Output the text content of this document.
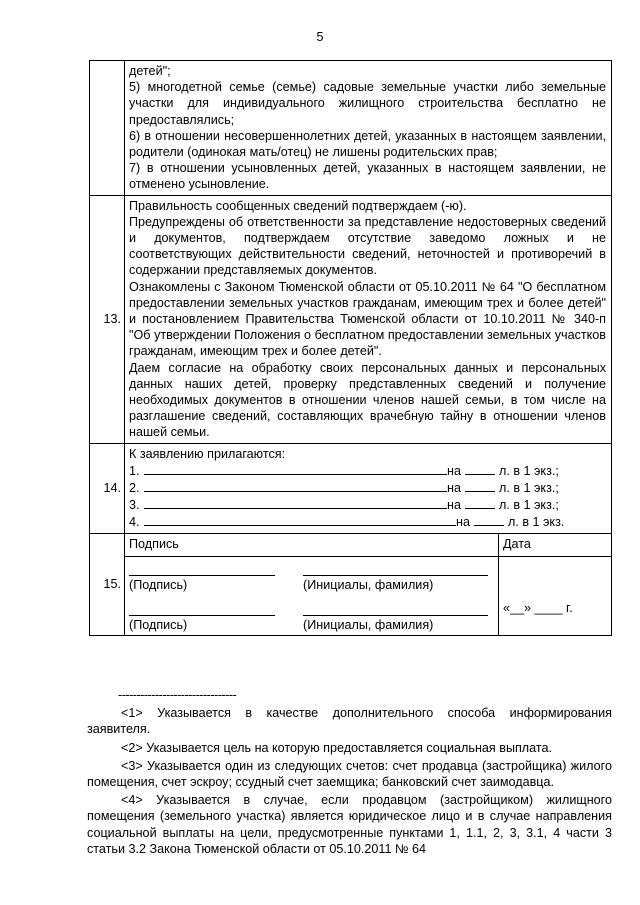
5

детей";
5) многодетной семье (семье) садовые земельные участки либо земельные участки для индивидуального жилищного строительства бесплатно не предоставлялись;
6) в отношении несовершеннолетних детей, указанных в настоящем заявлении, родители (одинокая мать/отец) не лишены родительских прав;
7) в отношении усыновленных детей, указанных в настоящем заявлении, не отменено усыновление.

13.	
Правильность сообщенных сведений подтверждаем (-ю).
Предупреждены об ответственности за представление недостоверных сведений и документов, подтверждаем отсутствие заведомо ложных и не соответствующих действительности сведений, неточностей и противоречий в содержании представляемых документов.
Ознакомлены с Законом Тюменской области от 05.10.2011 № 64 "О бесплатном предоставлении земельных участков гражданам, имеющим трех и более детей" и постановлением Правительства Тюменской области от 10.10.2011 № 340-п "Об утверждении Положения о бесплатном предоставлении земельных участков гражданам, имеющим трех и более детей".
Даем согласие на обработку своих персональных данных и персональных данных наших детей, проверку представленных сведений и получение необходимых документов в отношении членов нашей семьи, в том числе на разглашение сведений, составляющих врачебную тайну в отношении членов нашей семьи.

14.	
К заявлению прилагаются:
1.	на	л. в 1 экз.;
2.	на	л. в 1 экз.;
3.	на	л. в 1 экз.;
4.	на	л. в 1 экз.

15.	
Подпись	Дата

(Подпись)	(Инициалы, фамилия)
(Подпись)	(Инициалы, фамилия)

«__» ____ г.
--------------------------------
<1> Указывается в качестве дополнительного способа информирования заявителя.
<2> Указывается цель на которую предоставляется социальная выплата.
<3> Указывается один из следующих счетов: счет продавца (застройщика) жилого помещения, счет эскроу; ссудный счет заемщика; банковский счет заимодавца.
<4> Указывается в случае, если продавцом (застройщиком) жилищного помещения (земельного участка) является юридическое лицо и в случае направления социальной выплаты на цели, предусмотренные пунктами 1, 1.1, 2, 3, 3.1, 4 части 3 статьи 3.2 Закона Тюменской области от 05.10.2011 № 64
